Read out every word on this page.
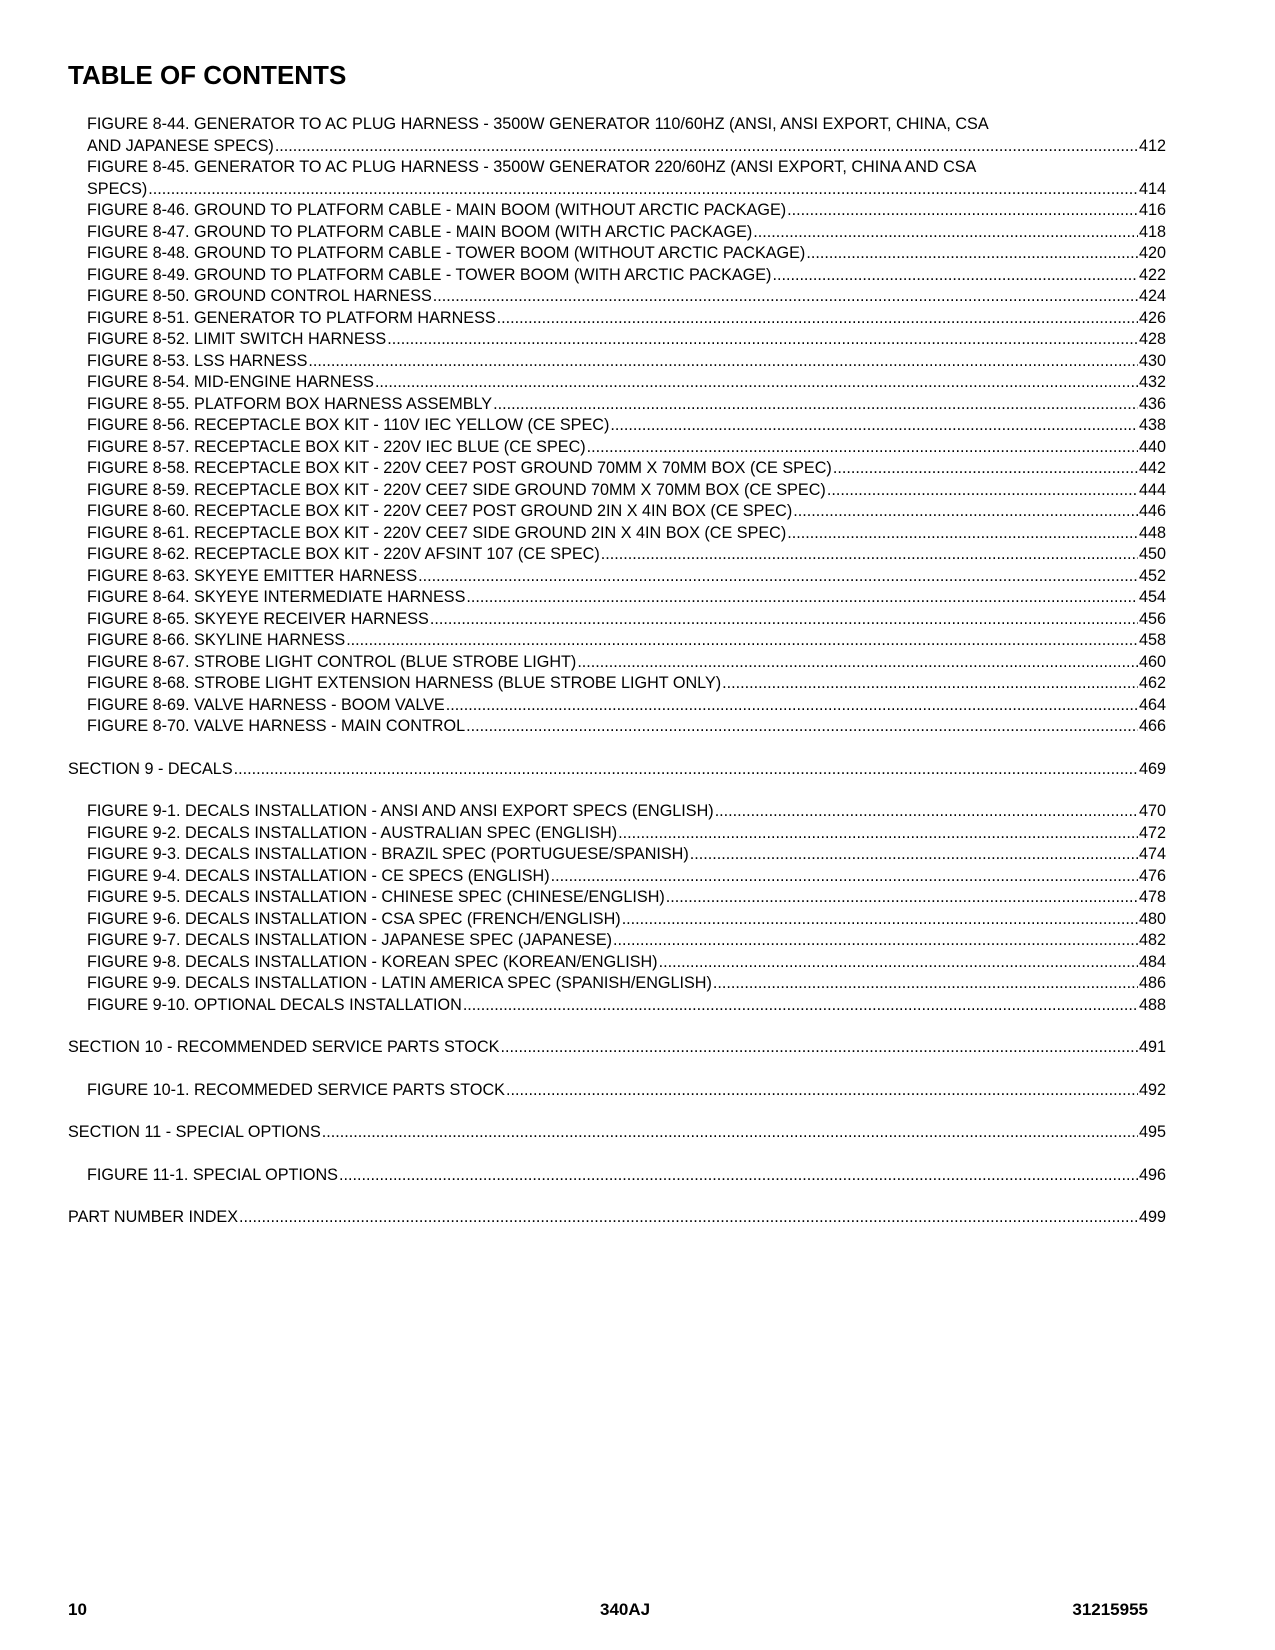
TABLE OF CONTENTS
FIGURE 8-44. GENERATOR TO AC PLUG HARNESS - 3500W GENERATOR 110/60HZ (ANSI, ANSI EXPORT, CHINA, CSA
AND JAPANESE SPECS) .....	412
FIGURE 8-45. GENERATOR TO AC PLUG HARNESS - 3500W GENERATOR 220/60HZ (ANSI EXPORT, CHINA AND CSA
SPECS) .....	414
FIGURE 8-46. GROUND TO PLATFORM CABLE - MAIN BOOM (WITHOUT ARCTIC PACKAGE) .....	416
FIGURE 8-47. GROUND TO PLATFORM CABLE - MAIN BOOM (WITH ARCTIC PACKAGE) .....	418
FIGURE 8-48. GROUND TO PLATFORM CABLE - TOWER BOOM (WITHOUT ARCTIC PACKAGE) .....	420
FIGURE 8-49. GROUND TO PLATFORM CABLE - TOWER BOOM (WITH ARCTIC PACKAGE) .....	422
FIGURE 8-50. GROUND CONTROL HARNESS .....	424
FIGURE 8-51. GENERATOR TO PLATFORM HARNESS .....	426
FIGURE 8-52. LIMIT SWITCH HARNESS .....	428
FIGURE 8-53. LSS HARNESS .....	430
FIGURE 8-54. MID-ENGINE HARNESS .....	432
FIGURE 8-55. PLATFORM BOX HARNESS ASSEMBLY .....	436
FIGURE 8-56. RECEPTACLE BOX KIT - 110V IEC YELLOW (CE SPEC) .....	438
FIGURE 8-57. RECEPTACLE BOX KIT - 220V IEC BLUE (CE SPEC) .....	440
FIGURE 8-58. RECEPTACLE BOX KIT - 220V CEE7 POST GROUND 70MM X 70MM BOX (CE SPEC) .....	442
FIGURE 8-59. RECEPTACLE BOX KIT - 220V CEE7 SIDE GROUND 70MM X 70MM BOX (CE SPEC) .....	444
FIGURE 8-60. RECEPTACLE BOX KIT - 220V CEE7 POST GROUND 2IN X 4IN BOX (CE SPEC) .....	446
FIGURE 8-61. RECEPTACLE BOX KIT - 220V CEE7 SIDE GROUND 2IN X 4IN BOX (CE SPEC) .....	448
FIGURE 8-62. RECEPTACLE BOX KIT - 220V AFSINT 107 (CE SPEC) .....	450
FIGURE 8-63. SKYEYE EMITTER HARNESS .....	452
FIGURE 8-64. SKYEYE INTERMEDIATE HARNESS .....	454
FIGURE 8-65. SKYEYE RECEIVER HARNESS .....	456
FIGURE 8-66. SKYLINE HARNESS .....	458
FIGURE 8-67. STROBE LIGHT CONTROL (BLUE STROBE LIGHT) .....	460
FIGURE 8-68. STROBE LIGHT EXTENSION HARNESS (BLUE STROBE LIGHT ONLY) .....	462
FIGURE 8-69. VALVE HARNESS - BOOM VALVE .....	464
FIGURE 8-70. VALVE HARNESS - MAIN CONTROL .....	466
SECTION 9 - DECALS .....	469
FIGURE 9-1. DECALS INSTALLATION - ANSI AND ANSI EXPORT SPECS (ENGLISH) .....	470
FIGURE 9-2. DECALS INSTALLATION - AUSTRALIAN SPEC (ENGLISH) .....	472
FIGURE 9-3. DECALS INSTALLATION - BRAZIL SPEC (PORTUGUESE/SPANISH) .....	474
FIGURE 9-4. DECALS INSTALLATION - CE SPECS (ENGLISH) .....	476
FIGURE 9-5. DECALS INSTALLATION - CHINESE SPEC (CHINESE/ENGLISH) .....	478
FIGURE 9-6. DECALS INSTALLATION - CSA SPEC (FRENCH/ENGLISH) .....	480
FIGURE 9-7. DECALS INSTALLATION - JAPANESE SPEC (JAPANESE) .....	482
FIGURE 9-8. DECALS INSTALLATION - KOREAN SPEC (KOREAN/ENGLISH) .....	484
FIGURE 9-9. DECALS INSTALLATION - LATIN AMERICA SPEC (SPANISH/ENGLISH) .....	486
FIGURE 9-10. OPTIONAL DECALS INSTALLATION .....	488
SECTION 10 - RECOMMENDED SERVICE PARTS STOCK .....	491
FIGURE 10-1. RECOMMEDED SERVICE PARTS STOCK .....	492
SECTION 11 - SPECIAL OPTIONS .....	495
FIGURE 11-1. SPECIAL OPTIONS .....	496
PART NUMBER INDEX .....	499
10	340AJ	31215955
